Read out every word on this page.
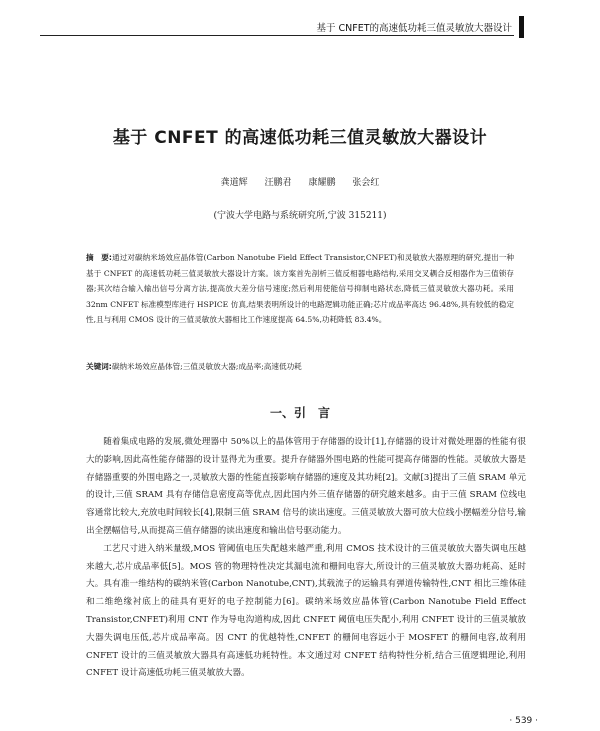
基于 CNFET的高速低功耗三值灵敏放大器设计
基于 CNFET 的高速低功耗三值灵敏放大器设计
龚道辉 汪鹏君 康耀鹏 张会红
(宁波大学电路与系统研究所,宁波 315211)
摘　要:通过对碳纳米场效应晶体管(Carbon Nanotube Field Effect Transistor,CNFET)和灵敏放大器原理的研究,提出一种基于 CNFET 的高速低功耗三值灵敏放大器设计方案。该方案首先剖析三值反相器电路结构,采用交叉耦合反相器作为三值锁存器;其次结合输入输出信号分离方法,提高放大差分信号速度;然后利用使能信号抑制电路状态,降低三值灵敏放大器功耗。采用 32nm CNFET 标准模型库进行 HSPICE 仿真,结果表明所设计的电路逻辑功能正确;芯片成品率高达 96.48%,具有较低的稳定性,且与利用 CMOS 设计的三值灵敏放大器相比工作速度提高 64.5%,功耗降低 83.4%。
关键词:碳纳米场效应晶体管;三值灵敏放大器;成品率;高速低功耗
一、引　言

随着集成电路的发展,微处理器中 50%以上的晶体管用于存储器的设计[1],存储器的设计对微处理器的性能有很大的影响,因此高性能存储器的设计显得尤为重要。提升存储器外围电路的性能可提高存储器的性能。灵敏放大器是存储器重要的外围电路之一,灵敏放大器的性能直接影响存储器的速度及其功耗[2]。文献[3]提出了三值 SRAM 单元的设计,三值 SRAM 具有存储信息密度高等优点,因此国内外三值存储器的研究越来越多。由于三值 SRAM 位线电容通常比较大,充放电时间较长[4],限制三值 SRAM 信号的读出速度。三值灵敏放大器可放大位线小摆幅差分信号,输出全摆幅信号,从而提高三值存储器的读出速度和输出信号驱动能力。

工艺尺寸进入纳米量级,MOS 管阈值电压失配越来越严重,利用 CMOS 技术设计的三值灵敏放大器失调电压越来越大,芯片成品率低[5]。MOS 管的物理特性决定其漏电流和栅间电容大,所设计的三值灵敏放大器功耗高、延时大。具有准一维结构的碳纳米管(Carbon Nanotube,CNT),其载流子的运输具有弹道传输特性,CNT 相比三维体硅和二维绝缘衬底上的硅具有更好的电子控制能力[6]。碳纳米场效应晶体管(Carbon Nanotube Field Effect Transistor,CNFET)利用 CNT 作为导电沟道构成,因此 CNFET 阈值电压失配小,利用 CNFET 设计的三值灵敏放大器失调电压低,芯片成品率高。因 CNT 的优越特性,CNFET 的栅间电容远小于 MOSFET 的栅间电容,故利用 CNFET 设计的三值灵敏放大器具有高速低功耗特性。本文通过对 CNFET 结构特性分析,结合三值逻辑理论,利用 CNFET 设计高速低功耗三值灵敏放大器。

· 539 ·
